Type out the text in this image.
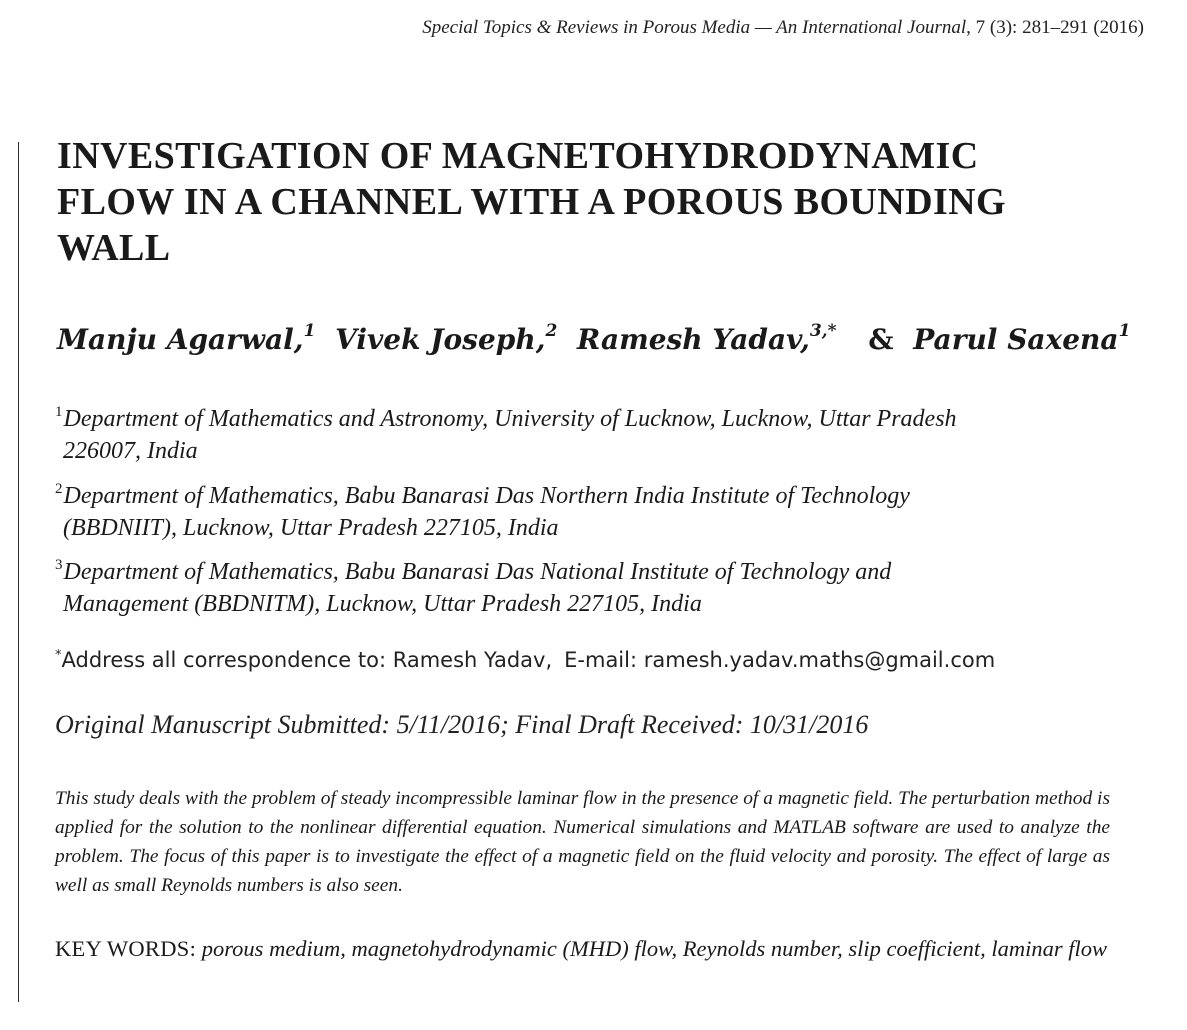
Special Topics & Reviews in Porous Media — An International Journal, 7 (3): 281–291 (2016)
INVESTIGATION OF MAGNETOHYDRODYNAMIC
FLOW IN A CHANNEL WITH A POROUS BOUNDING
WALL
Manju Agarwal,$^1$ Vivek Joseph,$^2$ Ramesh Yadav,$^{3,*}$ & Parul Saxena$^1$
$^1$Department of Mathematics and Astronomy, University of Lucknow, Lucknow, Uttar Pradesh
226007, India
$^2$Department of Mathematics, Babu Banarasi Das Northern India Institute of Technology
(BBDNIIT), Lucknow, Uttar Pradesh 227105, India
$^3$Department of Mathematics, Babu Banarasi Das National Institute of Technology and
Management (BBDNITM), Lucknow, Uttar Pradesh 227105, India
*Address all correspondence to: Ramesh Yadav, E-mail: ramesh.yadav.maths@gmail.com
Original Manuscript Submitted: 5/11/2016; Final Draft Received: 10/31/2016

This study deals with the problem of steady incompressible laminar flow in the presence of a magnetic field. The perturbation method is applied for the solution to the nonlinear differential equation. Numerical simulations and MATLAB software are used to analyze the problem. The focus of this paper is to investigate the effect of a magnetic field on the fluid velocity and porosity. The effect of large as well as small Reynolds numbers is also seen.

KEY WORDS: porous medium, magnetohydrodynamic (MHD) flow, Reynolds number, slip coefficient, laminar flow
